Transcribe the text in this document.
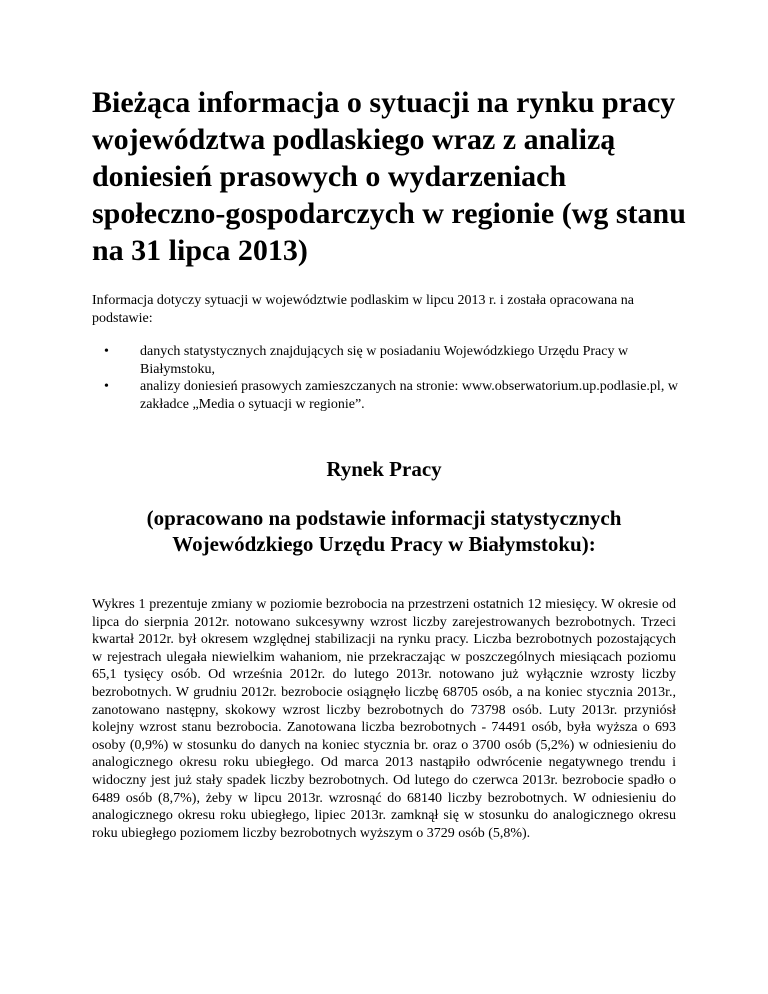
Bieżąca informacja o sytuacji na rynku pracy województwa podlaskiego wraz z analizą doniesień prasowych o wydarzeniach społeczno-gospodarczych w regionie (wg stanu na 31 lipca 2013)

Informacja dotyczy sytuacji w województwie podlaskim w lipcu 2013 r. i została opracowana na podstawie:

• danych statystycznych znajdujących się w posiadaniu Wojewódzkiego Urzędu Pracy w Białymstoku,
• analizy doniesień prasowych zamieszczanych na stronie: www.obserwatorium.up.podlasie.pl, w zakładce „Media o sytuacji w regionie”.
Rynek Pracy
(opracowano na podstawie informacji statystycznych Wojewódzkiego Urzędu Pracy w Białymstoku):

Wykres 1 prezentuje zmiany w poziomie bezrobocia na przestrzeni ostatnich 12 miesięcy. W okresie od lipca do sierpnia 2012r. notowano sukcesywny wzrost liczby zarejestrowanych bezrobotnych. Trzeci kwartał 2012r. był okresem względnej stabilizacji na rynku pracy. Liczba bezrobotnych pozostających w rejestrach ulegała niewielkim wahaniom, nie przekraczając w poszczególnych miesiącach poziomu 65,1 tysięcy osób. Od września 2012r. do lutego 2013r. notowano już wyłącznie wzrosty liczby bezrobotnych. W grudniu 2012r. bezrobocie osiągnęło liczbę 68705 osób, a na koniec stycznia 2013r., zanotowano następny, skokowy wzrost liczby bezrobotnych do 73798 osób. Luty 2013r. przyniósł kolejny wzrost stanu bezrobocia. Zanotowana liczba bezrobotnych - 74491 osób, była wyższa o 693 osoby (0,9%) w stosunku do danych na koniec stycznia br. oraz o 3700 osób (5,2%) w odniesieniu do analogicznego okresu roku ubiegłego. Od marca 2013 nastąpiło odwrócenie negatywnego trendu i widoczny jest już stały spadek liczby bezrobotnych. Od lutego do czerwca 2013r. bezrobocie spadło o 6489 osób (8,7%), żeby w lipcu 2013r. wzrosnąć do 68140 liczby bezrobotnych. W odniesieniu do analogicznego okresu roku ubiegłego, lipiec 2013r. zamknął się w stosunku do analogicznego okresu roku ubiegłego poziomem liczby bezrobotnych wyższym o 3729 osób (5,8%).
